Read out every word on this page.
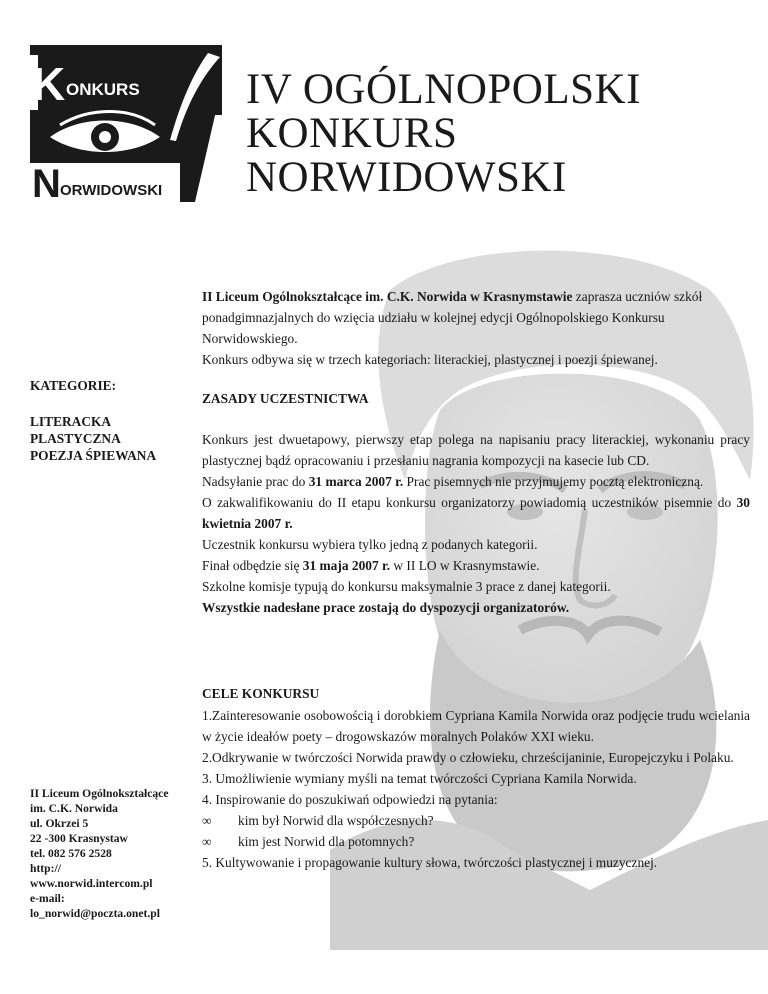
K ONKURS
N ORWIDOWSKI
IV OGÓLNOPOLSKI
KONKURS
NORWIDOWSKI
II Liceum Ogólnokształcące im. C.K. Norwida w Krasnymstawie zaprasza uczniów szkół ponadgimnazjalnych do wzięcia udziału w kolejnej edycji Ogólnopolskiego Konkursu Norwidowskiego.
Konkurs odbywa się w trzech kategoriach: literackiej, plastycznej i poezji śpiewanej.
KATEGORIE:
LITERACKA
PLASTYCZNA
POEZJA ŚPIEWANA
ZASADY UCZESTNICTWA

Konkurs jest dwuetapowy, pierwszy etap polega na napisaniu pracy literackiej, wykonaniu pracy plastycznej bądź opracowaniu i przesłaniu nagrania kompozycji na kasecie lub CD.

Nadsyłanie prac do 31 marca 2007 r. Prac pisemnych nie przyjmujemy pocztą elektroniczną.

O zakwalifikowaniu do II etapu konkursu organizatorzy powiadomią uczestników pisemnie do 30 kwietnia 2007 r.

Uczestnik konkursu wybiera tylko jedną z podanych kategorii.

Finał odbędzie się 31 maja 2007 r. w II LO w Krasnymstawie.

Szkolne komisje typują do konkursu maksymalnie 3 prace z danej kategorii.

Wszystkie nadesłane prace zostają do dyspozycji organizatorów.

CELE KONKURSU

1.Zainteresowanie osobowością i dorobkiem Cypriana Kamila Norwida oraz podjęcie trudu wcielania w życie ideałów poety – drogowskazów moralnych Polaków XXI wieku.

2.Odkrywanie w twórczości Norwida prawdy o człowieku, chrześcijaninie, Europejczyku i Polaku.

3. Umożliwienie wymiany myśli na temat twórczości Cypriana Kamila Norwida.

4. Inspirowanie do poszukiwań odpowiedzi na pytania:

∞	kim był Norwid dla współczesnych?
∞	kim jest Norwid dla potomnych?

5. Kultywowanie i propagowanie kultury słowa, twórczości plastycznej i muzycznej.

II Liceum Ogólnokształcące
im. C.K. Norwida
ul. Okrzei 5
22 -300 Krasnystaw
tel. 082 576 2528
http://
www.norwid.intercom.pl
e-mail:
lo_norwid@poczta.onet.pl
